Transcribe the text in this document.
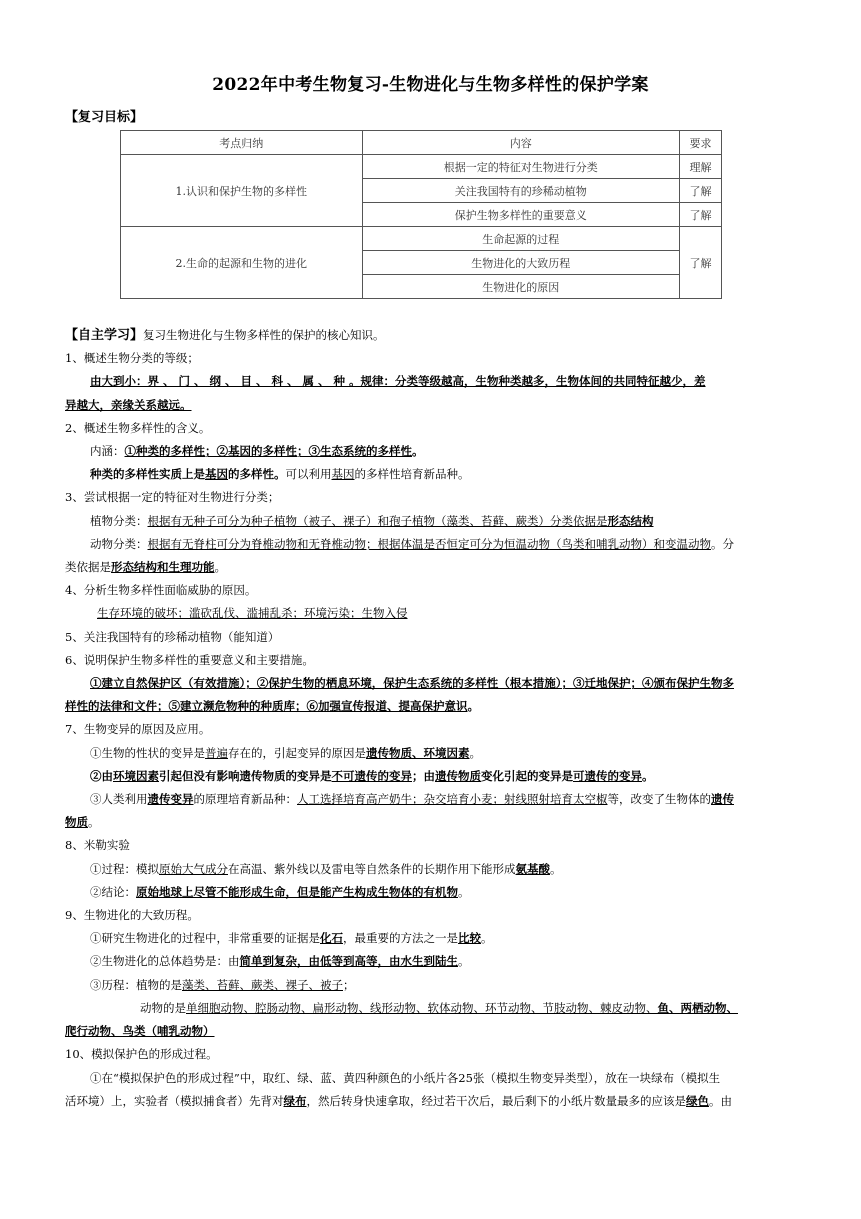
2022年中考生物复习-生物进化与生物多样性的保护学案
【复习目标】
考点归纳	内容	要求
1.认识和保护生物的多样性	根据一定的特征对生物进行分类	理解
	关注我国特有的珍稀动植物	了解
	保护生物多样性的重要意义	了解
2.生命的起源和生物的进化	生命起源的过程	了解
	生物进化的大致历程	
	生物进化的原因	

【自主学习】复习生物进化与生物多样性的保护的核心知识。

1、概述生物分类的等级；

由大到小：界 、 门 、 纲 、 目 、 科 、 属 、 种 。规律：分类等级越高，生物种类越多，生物体间的共同特征越少，差

异越大，亲缘关系越远。

2、概述生物多样性的含义。

内涵：①种类的多样性；②基因的多样性；③生态系统的多样性。

种类的多样性实质上是基因的多样性。可以利用基因的多样性培育新品种。

3、尝试根据一定的特征对生物进行分类；

植物分类：根据有无种子可分为种子植物（被子、裸子）和孢子植物（藻类、苔藓、蕨类）分类依据是形态结构

动物分类：根据有无脊柱可分为脊椎动物和无脊椎动物；根据体温是否恒定可分为恒温动物（鸟类和哺乳动物）和变温动物。分

类依据是形态结构和生理功能。

4、分析生物多样性面临威胁的原因。

生存环境的破坏；滥砍乱伐、滥捕乱杀；环境污染；生物入侵

5、关注我国特有的珍稀动植物（能知道）

6、说明保护生物多样性的重要意义和主要措施。

①建立自然保护区（有效措施）；②保护生物的栖息环境，保护生态系统的多样性（根本措施）；③迁地保护；④颁布保护生物多

样性的法律和文件；⑤建立濒危物种的种质库；⑥加强宣传报道、提高保护意识。

7、生物变异的原因及应用。

①生物的性状的变异是普遍存在的，引起变异的原因是遗传物质、环境因素。

②由环境因素引起但没有影响遗传物质的变异是不可遗传的变异；由遗传物质变化引起的变异是可遗传的变异。

③人类利用遗传变异的原理培育新品种：人工选择培育高产奶牛；杂交培育小麦；射线照射培育太空椒等，改变了生物体的遗传

物质。

8、米勒实验

①过程：模拟原始大气成分在高温、紫外线以及雷电等自然条件的长期作用下能形成氨基酸。

②结论：原始地球上尽管不能形成生命，但是能产生构成生物体的有机物。

9、生物进化的大致历程。

①研究生物进化的过程中，非常重要的证据是化石，最重要的方法之一是比较。

②生物进化的总体趋势是：由简单到复杂，由低等到高等，由水生到陆生。

③历程：植物的是藻类、苔藓、蕨类、裸子、被子；

动物的是单细胞动物、腔肠动物、扁形动物、线形动物、软体动物、环节动物、节肢动物、棘皮动物、鱼、两栖动物、

爬行动物、鸟类（哺乳动物）

10、模拟保护色的形成过程。

①在“模拟保护色的形成过程”中，取红、绿、蓝、黄四种颜色的小纸片各25张（模拟生物变异类型），放在一块绿布（模拟生

活环境）上，实验者（模拟捕食者）先背对绿布，然后转身快速拿取，经过若干次后，最后剩下的小纸片数量最多的应该是绿色。由
